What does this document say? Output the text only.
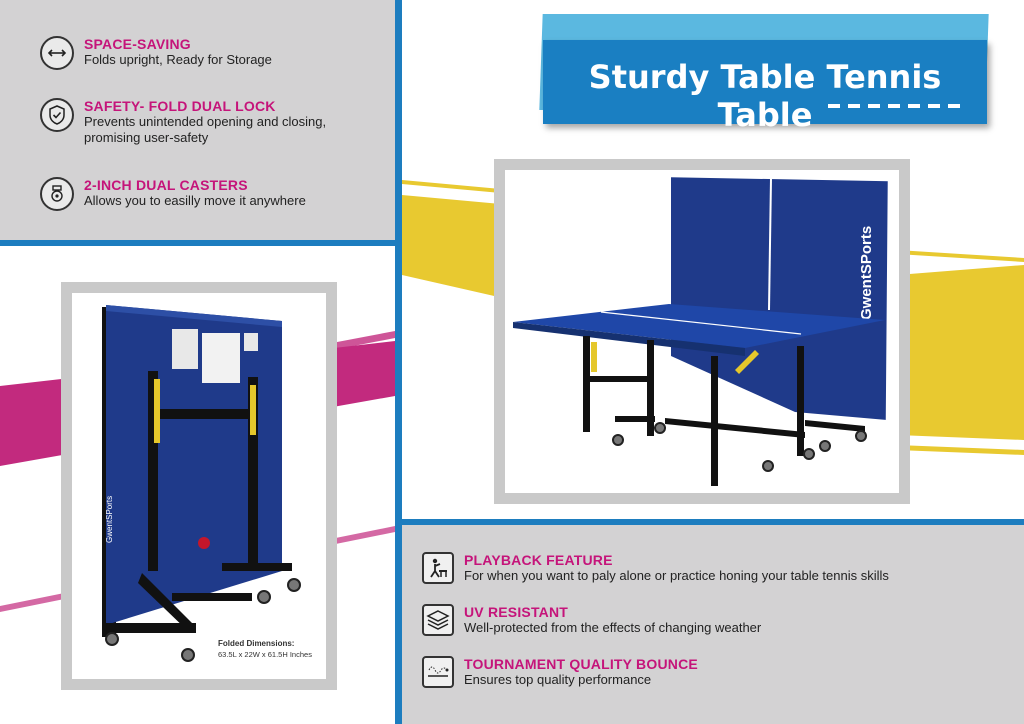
SPACE-SAVING
Folds upright, Ready for Storage
SAFETY- FOLD DUAL LOCK
Prevents unintended opening and closing, promising user-safety
2-INCH DUAL CASTERS
Allows you to easilly move it anywhere
Sturdy Table Tennis Table
GwentSPorts
Folded Dimensions:
63.5L x 22W x 61.5H Inches
GwentSPorts
PLAYBACK FEATURE
For when you want to paly alone or practice honing your table tennis skills
UV RESISTANT
Well-protected from the effects of changing weather
TOURNAMENT QUALITY BOUNCE
Ensures top quality performance
